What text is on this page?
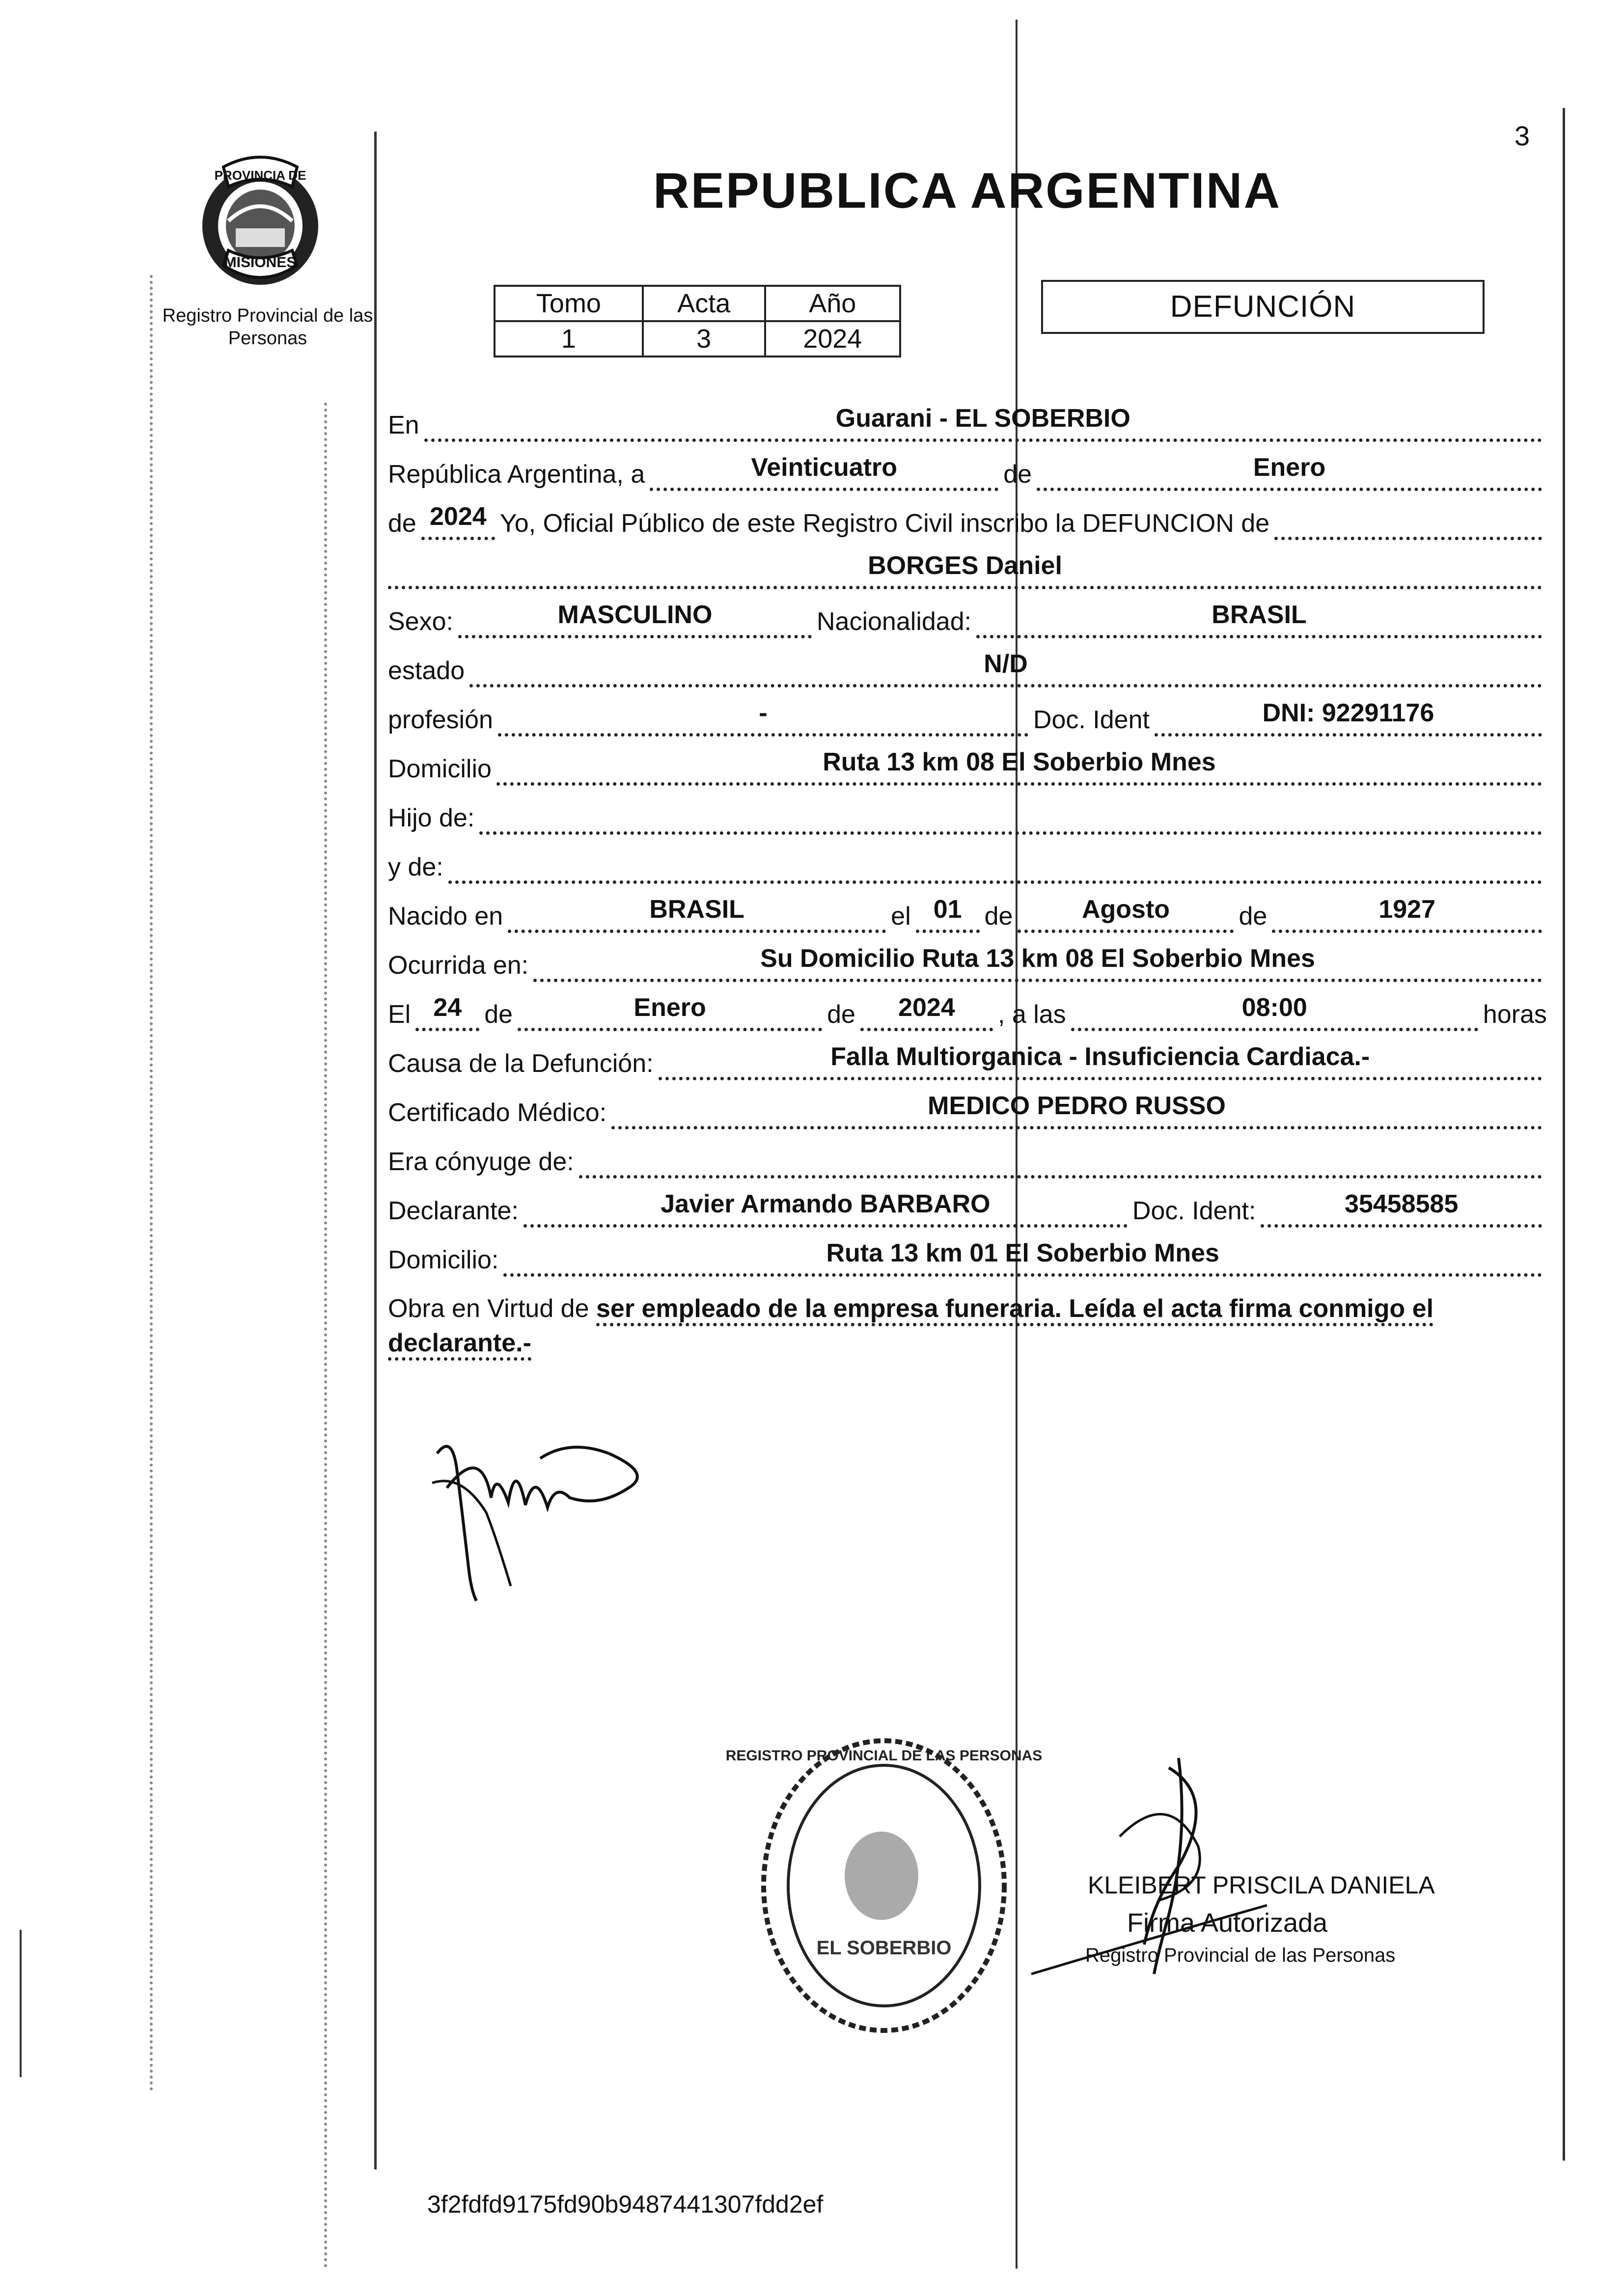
3
PROVINCIA DE
MISIONES
Registro Provincial de las Personas
REPUBLICA ARGENTINA
Tomo	Acta	Año
1	3	2024
DEFUNCIÓN
En	Guarani - EL SOBERBIO
República Argentina, a	Veinticuatro	de	Enero
de 2024 Yo, Oficial Público de este Registro Civil inscribo la DEFUNCION de
BORGES Daniel
Sexo:	MASCULINO	Nacionalidad:	BRASIL
estado	N/D
profesión	-	Doc. Ident	DNI: 92291176
Domicilio	Ruta 13 km 08 El Soberbio Mnes
Hijo de:
y de:
Nacido en	BRASIL	el 01 de	Agosto	de	1927
Ocurrida en:	Su Domicilio Ruta 13 km 08 El Soberbio Mnes
El 24 de	Enero	de	2024	, a las	08:00	horas
Causa de la Defunción:	Falla Multiorganica - Insuficiencia Cardiaca.-
Certificado Médico:	MEDICO PEDRO RUSSO
Era cónyuge de:
Declarante:	Javier Armando BARBARO	Doc. Ident:	35458585
Domicilio:	Ruta 13 km 01 El Soberbio Mnes
Obra en Virtud de ser empleado de la empresa funeraria. Leída el acta firma conmigo el declarante.-
REGISTRO PROVINCIAL DE LAS PERSONAS
EL SOBERBIO
KLEIBERT PRISCILA DANIELA
Firma Autorizada
Registro Provincial de las Personas
3f2fdfd9175fd90b9487441307fdd2ef
